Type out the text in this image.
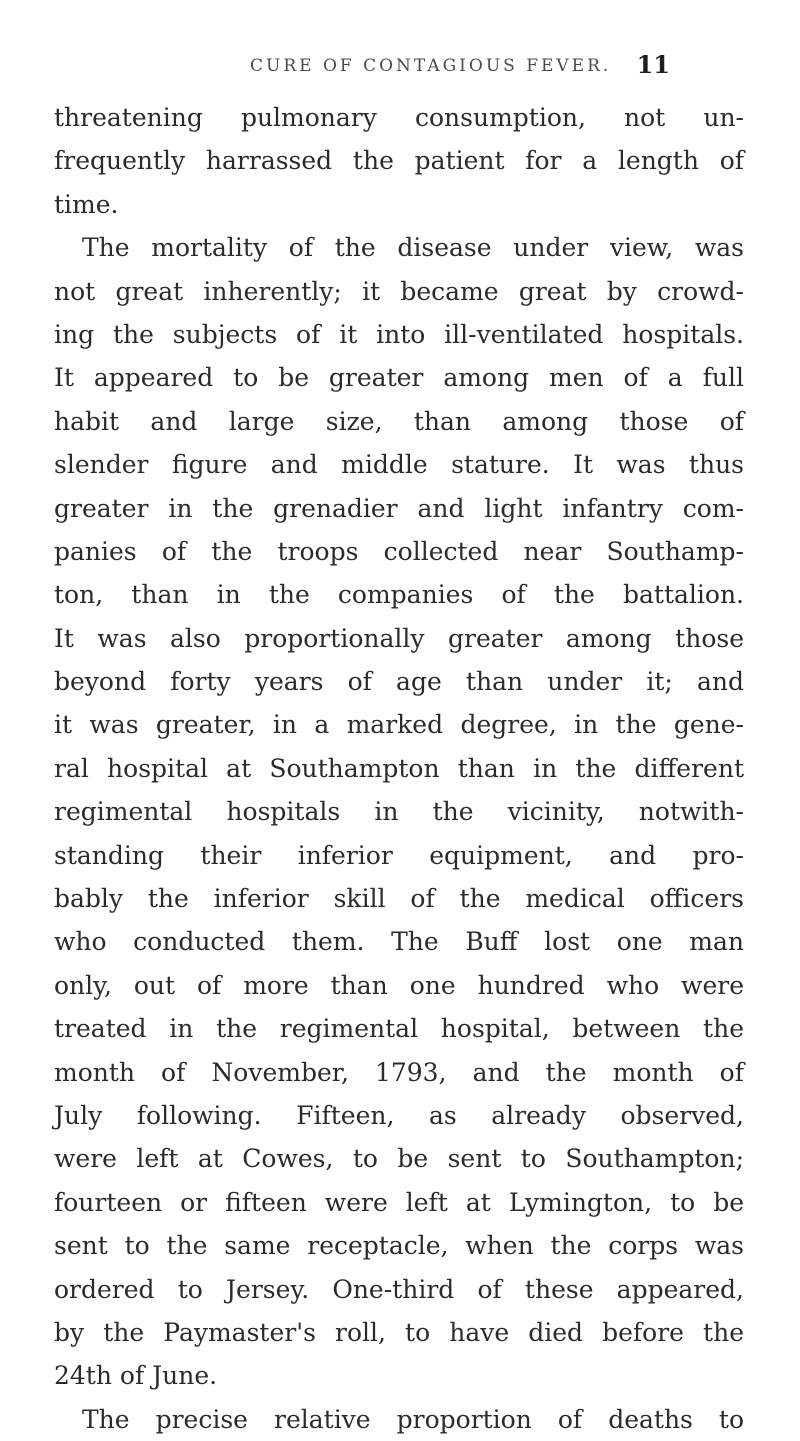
CURE OF CONTAGIOUS FEVER. 11
threatening pulmonary consumption, not un-
frequently harrassed the patient for a length of
time.
The mortality of the disease under view, was
not great inherently; it became great by crowd-
ing the subjects of it into ill-ventilated hospitals.
It appeared to be greater among men of a full
habit and large size, than among those of
slender figure and middle stature. It was thus
greater in the grenadier and light infantry com-
panies of the troops collected near Southamp-
ton, than in the companies of the battalion.
It was also proportionally greater among those
beyond forty years of age than under it; and
it was greater, in a marked degree, in the gene-
ral hospital at Southampton than in the different
regimental hospitals in the vicinity, notwith-
standing their inferior equipment, and pro-
bably the inferior skill of the medical officers
who conducted them. The Buff lost one man
only, out of more than one hundred who were
treated in the regimental hospital, between the
month of November, 1793, and the month of
July following. Fifteen, as already observed,
were left at Cowes, to be sent to Southampton;
fourteen or fifteen were left at Lymington, to be
sent to the same receptacle, when the corps was
ordered to Jersey. One-third of these appeared,
by the Paymaster's roll, to have died before the
24th of June.
The precise relative proportion of deaths to
